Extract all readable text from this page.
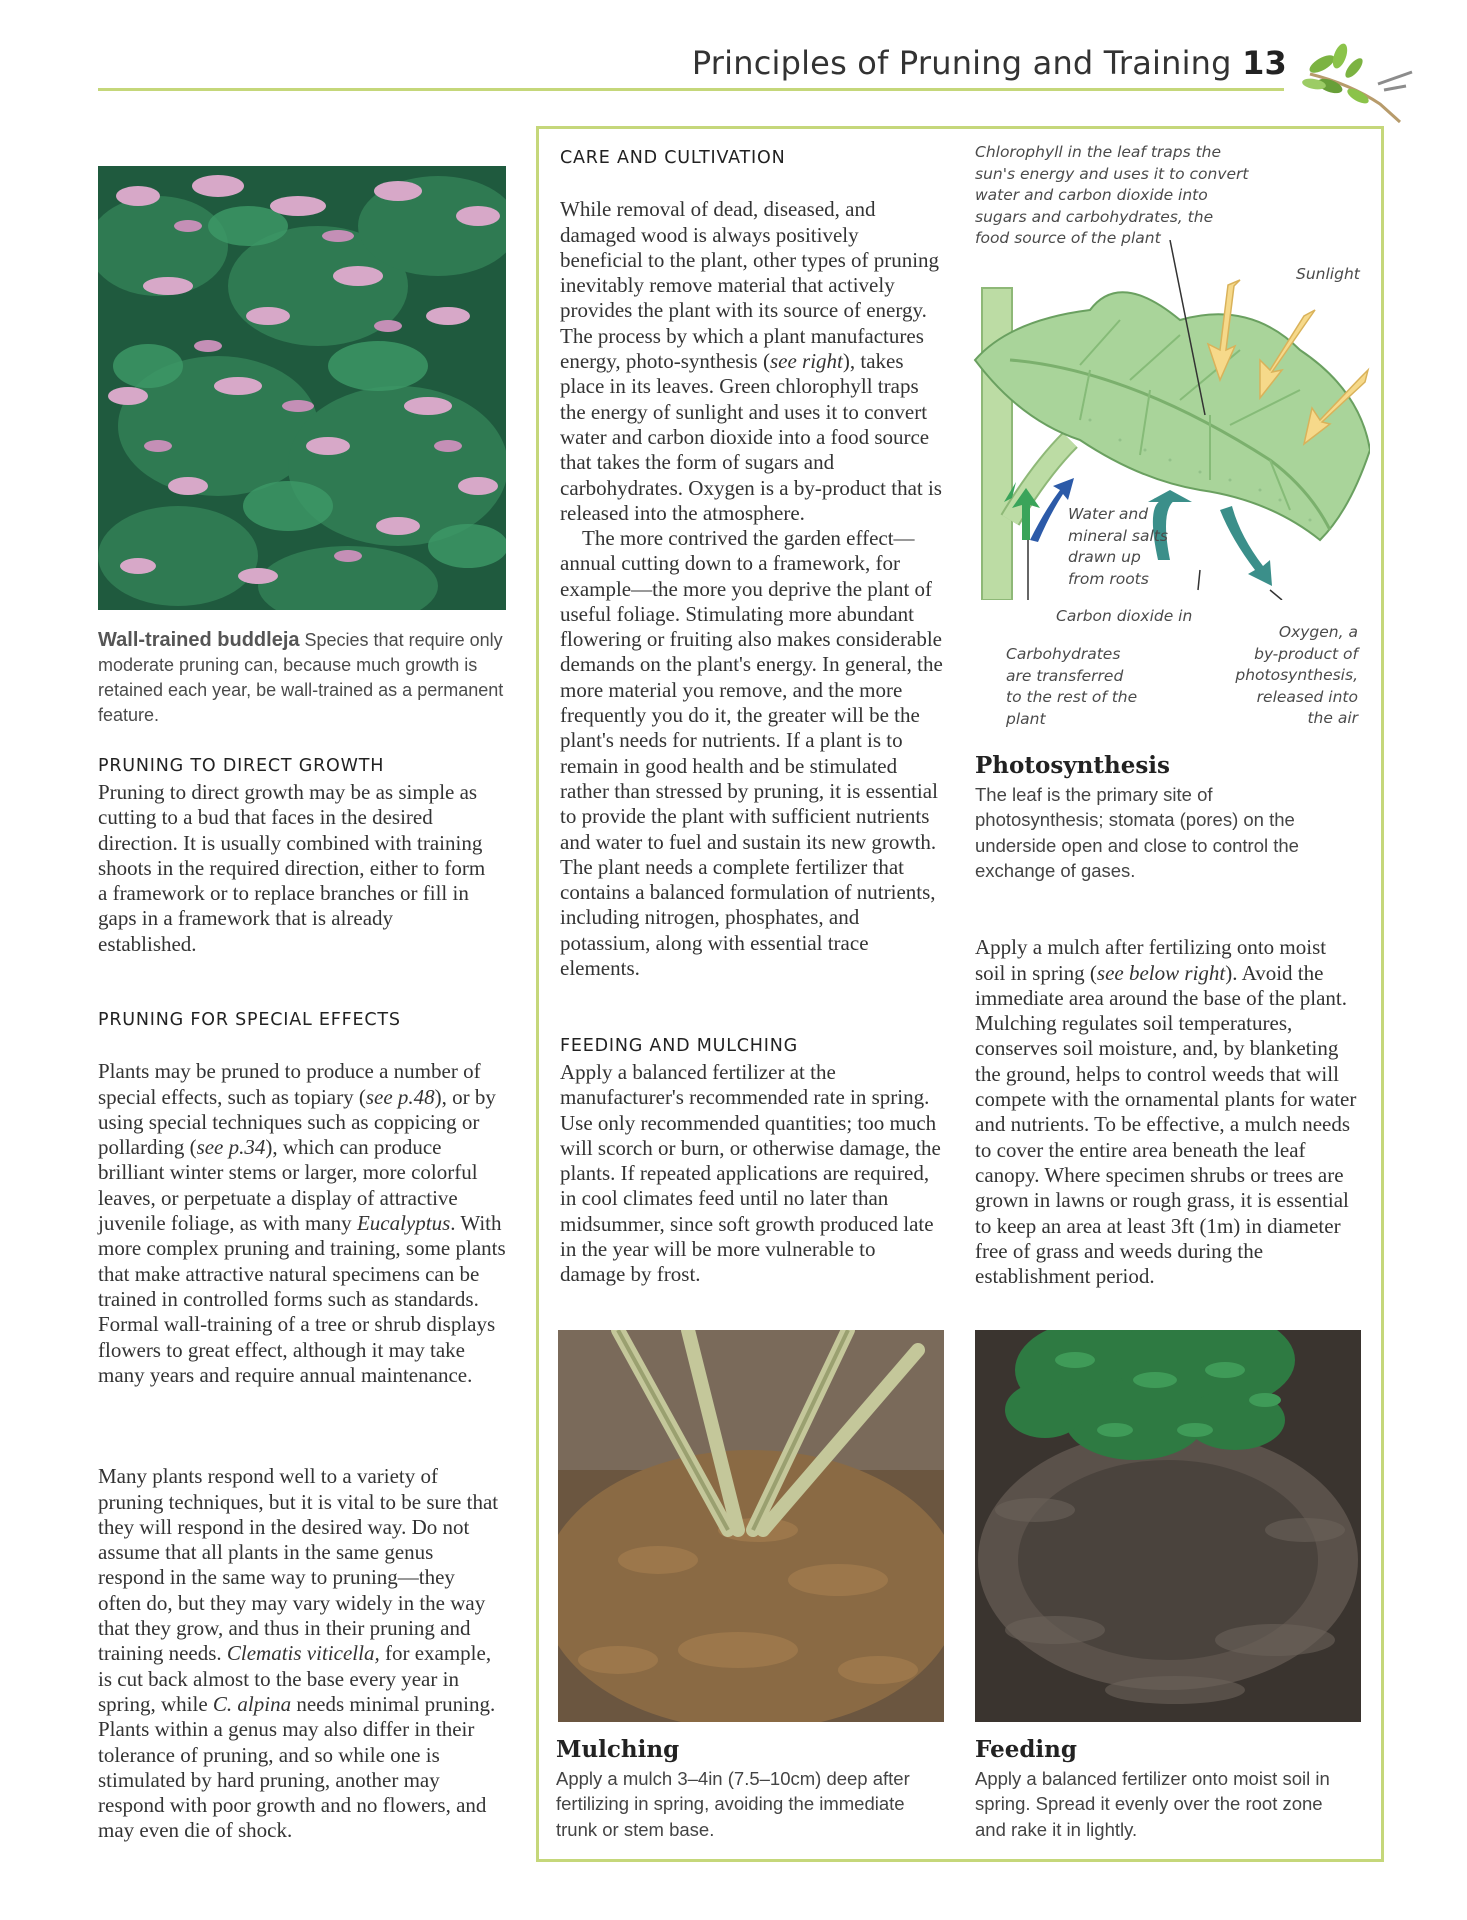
Principles of Pruning and Training 13
Wall-trained buddleja Species that require only moderate pruning can, because much growth is retained each year, be wall-trained as a permanent feature.
PRUNING TO DIRECT GROWTH
Pruning to direct growth may be as simple as cutting to a bud that faces in the desired direction. It is usually combined with training shoots in the required direction, either to form a framework or to replace branches or fill in gaps in a framework that is already established.
PRUNING FOR SPECIAL EFFECTS

Plants may be pruned to produce a number of special effects, such as topiary (see p.48), or by using special techniques such as coppicing or pollarding (see p.34), which can produce brilliant winter stems or larger, more colorful leaves, or perpetuate a display of attractive juvenile foliage, as with many Eucalyptus. With more complex pruning and training, some plants that make attractive natural specimens can be trained in controlled forms such as standards. Formal wall-training of a tree or shrub displays flowers to great effect, although it may take many years and require annual maintenance.

Many plants respond well to a variety of pruning techniques, but it is vital to be sure that they will respond in the desired way. Do not assume that all plants in the same genus respond in the same way to pruning—they often do, but they may vary widely in the way that they grow, and thus in their pruning and training needs. Clematis viticella, for example, is cut back almost to the base every year in spring, while C. alpina needs minimal pruning. Plants within a genus may also differ in their tolerance of pruning, and so while one is stimulated by hard pruning, another may respond with poor growth and no flowers, and may even die of shock.

CARE AND CULTIVATION

While removal of dead, diseased, and damaged wood is always positively beneficial to the plant, other types of pruning inevitably remove material that actively provides the plant with its source of energy. The process by which a plant manufactures energy, photo-synthesis (see right), takes place in its leaves. Green chlorophyll traps the energy of sunlight and uses it to convert water and carbon dioxide into a food source that takes the form of sugars and carbohydrates. Oxygen is a by-product that is released into the atmosphere.

The more contrived the garden effect—annual cutting down to a framework, for example—the more you deprive the plant of useful foliage. Stimulating more abundant flowering or fruiting also makes considerable demands on the plant's energy. In general, the more material you remove, and the more frequently you do it, the greater will be the plant's needs for nutrients. If a plant is to remain in good health and be stimulated rather than stressed by pruning, it is essential to provide the plant with sufficient nutrients and water to fuel and sustain its new growth. The plant needs a complete fertilizer that contains a balanced formulation of nutrients, including nitrogen, phosphates, and potassium, along with essential trace elements.
FEEDING AND MULCHING
Apply a balanced fertilizer at the manufacturer's recommended rate in spring. Use only recommended quantities; too much will scorch or burn, or otherwise damage, the plants. If repeated applications are required, in cool climates feed until no later than midsummer, since soft growth produced late in the year will be more vulnerable to damage by frost.
Mulching
Apply a mulch 3–4in (7.5–10cm) deep after fertilizing in spring, avoiding the immediate trunk or stem base.
Chlorophyll in the leaf traps the
sun's energy and uses it to convert
water and carbon dioxide into
sugars and carbohydrates, the
food source of the plant
Sunlight
Water and
mineral salts
drawn up
from roots
Carbon dioxide in
Carbohydrates
are transferred
to the rest of the
plant
Oxygen, a
by-product of
photosynthesis,
released into
the air
Photosynthesis
The leaf is the primary site of photosynthesis; stomata (pores) on the underside open and close to control the exchange of gases.

Apply a mulch after fertilizing onto moist soil in spring (see below right). Avoid the immediate area around the base of the plant. Mulching regulates soil temperatures, conserves soil moisture, and, by blanketing the ground, helps to control weeds that will compete with the ornamental plants for water and nutrients. To be effective, a mulch needs to cover the entire area beneath the leaf canopy. Where specimen shrubs or trees are grown in lawns or rough grass, it is essential to keep an area at least 3ft (1m) in diameter free of grass and weeds during the establishment period.

Feeding
Apply a balanced fertilizer onto moist soil in spring. Spread it evenly over the root zone and rake it in lightly.
